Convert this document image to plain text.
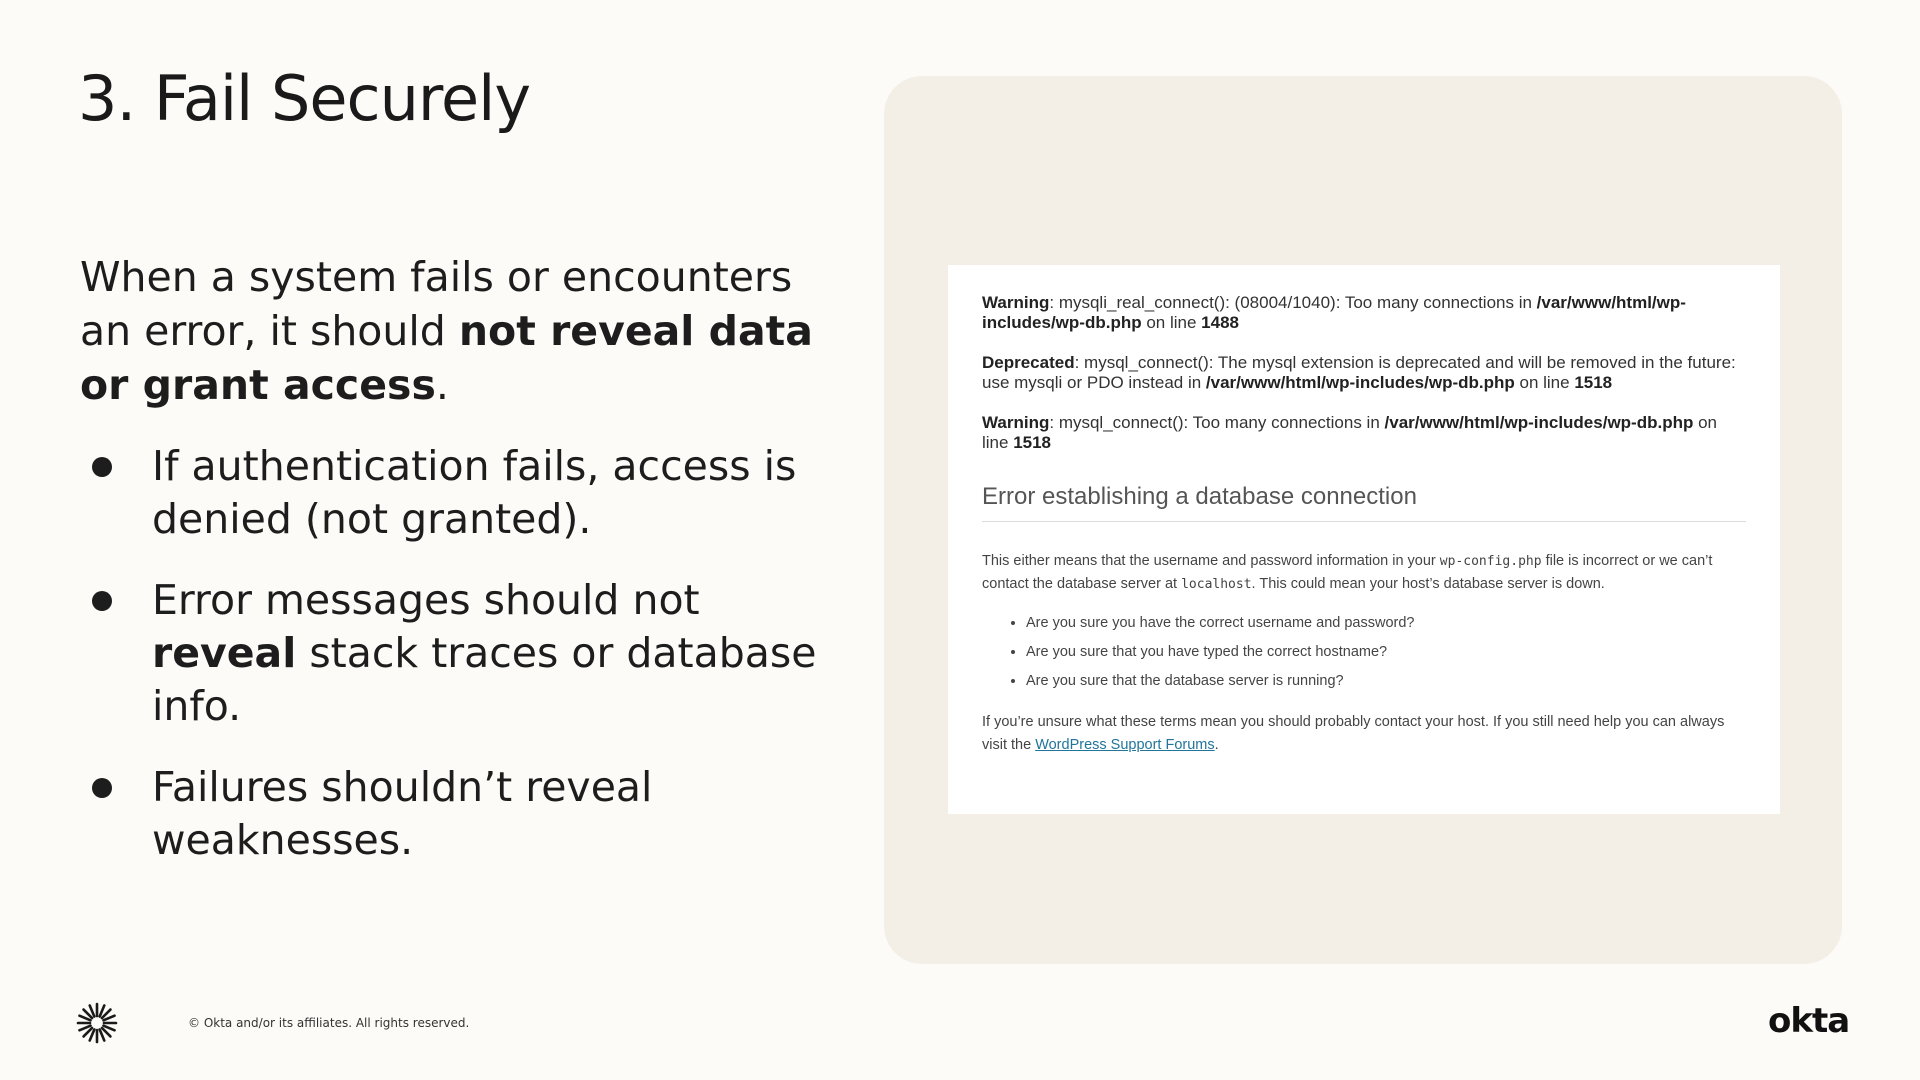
3. Fail Securely

When a system fails or encounters an error, it should not reveal data or grant access.

If authentication fails, access is denied (not granted).
Error messages should not reveal stack traces or database info.
Failures shouldn’t reveal weaknesses.

Warning: mysqli_real_connect(): (08004/1040): Too many connections in /var/www/html/wp-includes/wp-db.php on line 1488

Deprecated: mysql_connect(): The mysql extension is deprecated and will be removed in the future: use mysqli or PDO instead in /var/www/html/wp-includes/wp-db.php on line 1518

Warning: mysql_connect(): Too many connections in /var/www/html/wp-includes/wp-db.php on line 1518

Error establishing a database connection

This either means that the username and password information in your wp-config.php file is incorrect or we can’t contact the database server at localhost. This could mean your host’s database server is down.

• Are you sure you have the correct username and password?
• Are you sure that you have typed the correct hostname?
• Are you sure that the database server is running?

If you’re unsure what these terms mean you should probably contact your host. If you still need help you can always visit the WordPress Support Forums.

© Okta and/or its affiliates. All rights reserved.	okta
